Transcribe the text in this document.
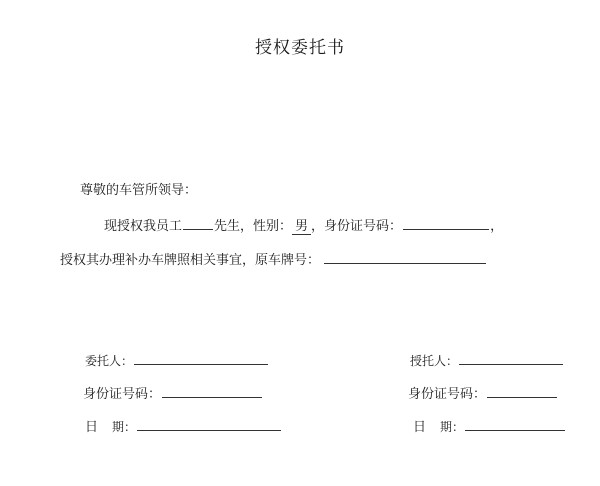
授权委托书
尊敬的车管所领导：
现授权我员工 先生，性别： 男 ，身份证号码：	，
授权其办理补办车牌照相关事宜，原车牌号：
委托人：
身份证号码：
日期：
授托人：
身份证号码：
日期：
